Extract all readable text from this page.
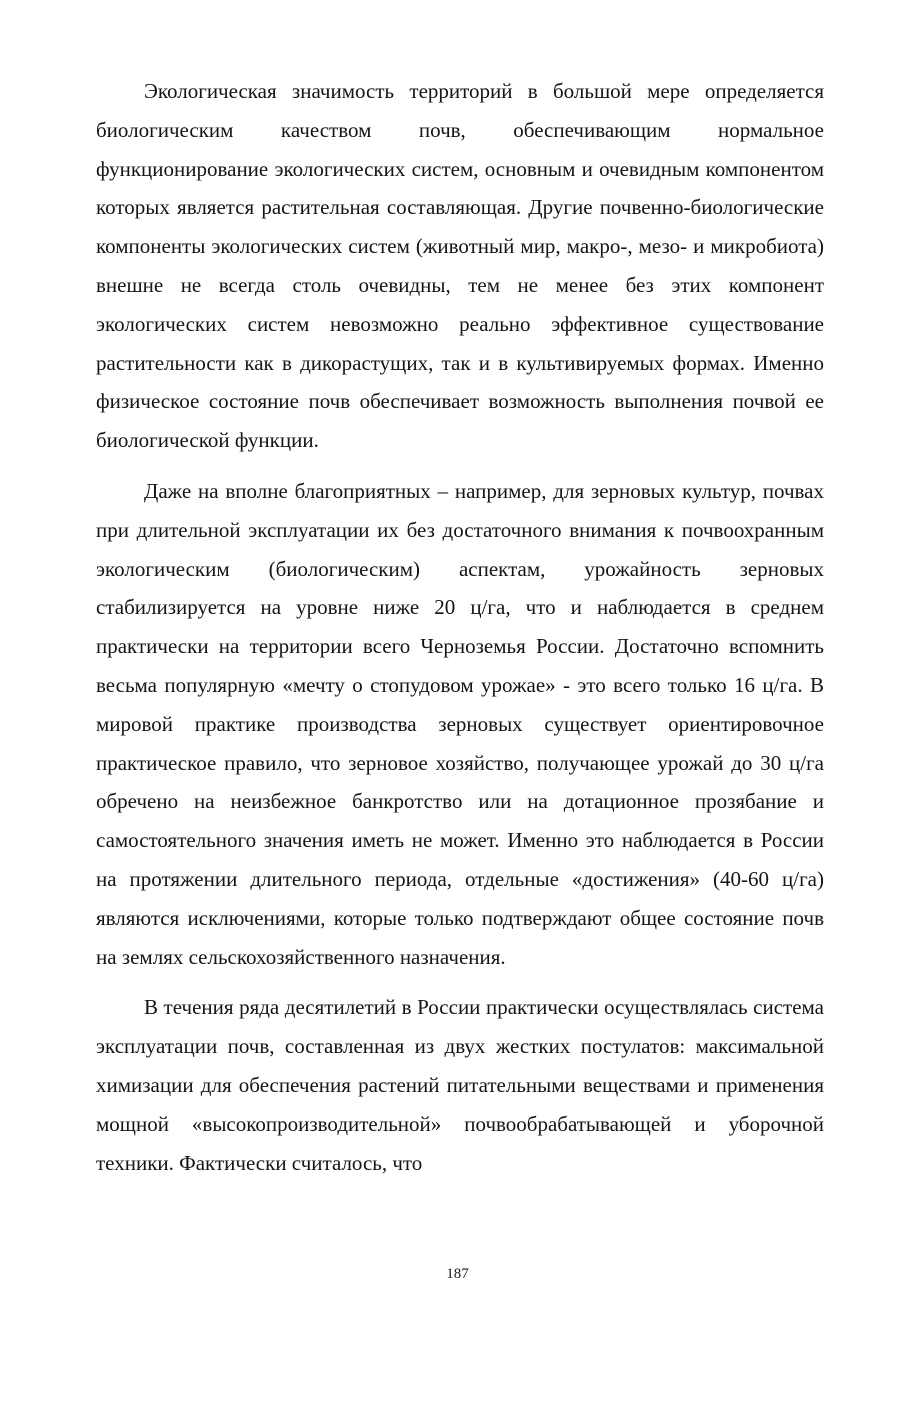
Экологическая значимость территорий в большой мере определяется биологическим качеством почв, обеспечивающим нормальное функционирование экологических систем, основным и очевидным компонентом которых является растительная составляющая. Другие почвенно-биологические компоненты экологических систем (животный мир, макро-, мезо- и микробиота) внешне не всегда столь очевидны, тем не менее без этих компонент экологических систем невозможно реально эффективное существование растительности как в дикорастущих, так и в культивируемых формах. Именно физическое состояние почв обеспечивает возможность выполнения почвой ее биологической функции.

Даже на вполне благоприятных – например, для зерновых культур, почвах при длительной эксплуатации их без достаточного внимания к почвоохранным экологическим (биологическим) аспектам, урожайность зерновых стабилизируется на уровне ниже 20 ц/га, что и наблюдается в среднем практически на территории всего Черноземья России. Достаточно вспомнить весьма популярную «мечту о стопудовом урожае» - это всего только 16 ц/га. В мировой практике производства зерновых существует ориентировочное практическое правило, что зерновое хозяйство, получающее урожай до 30 ц/га обречено на неизбежное банкротство или на дотационное прозябание и самостоятельного значения иметь не может. Именно это наблюдается в России на протяжении длительного периода, отдельные «достижения» (40-60 ц/га) являются исключениями, которые только подтверждают общее состояние почв на землях сельскохозяйственного назначения.

В течения ряда десятилетий в России практически осуществлялась система эксплуатации почв, составленная из двух жестких постулатов: максимальной химизации для обеспечения растений питательными веществами и применения мощной «высокопроизводительной» почвообрабатывающей и уборочной техники. Фактически считалось, что

187
